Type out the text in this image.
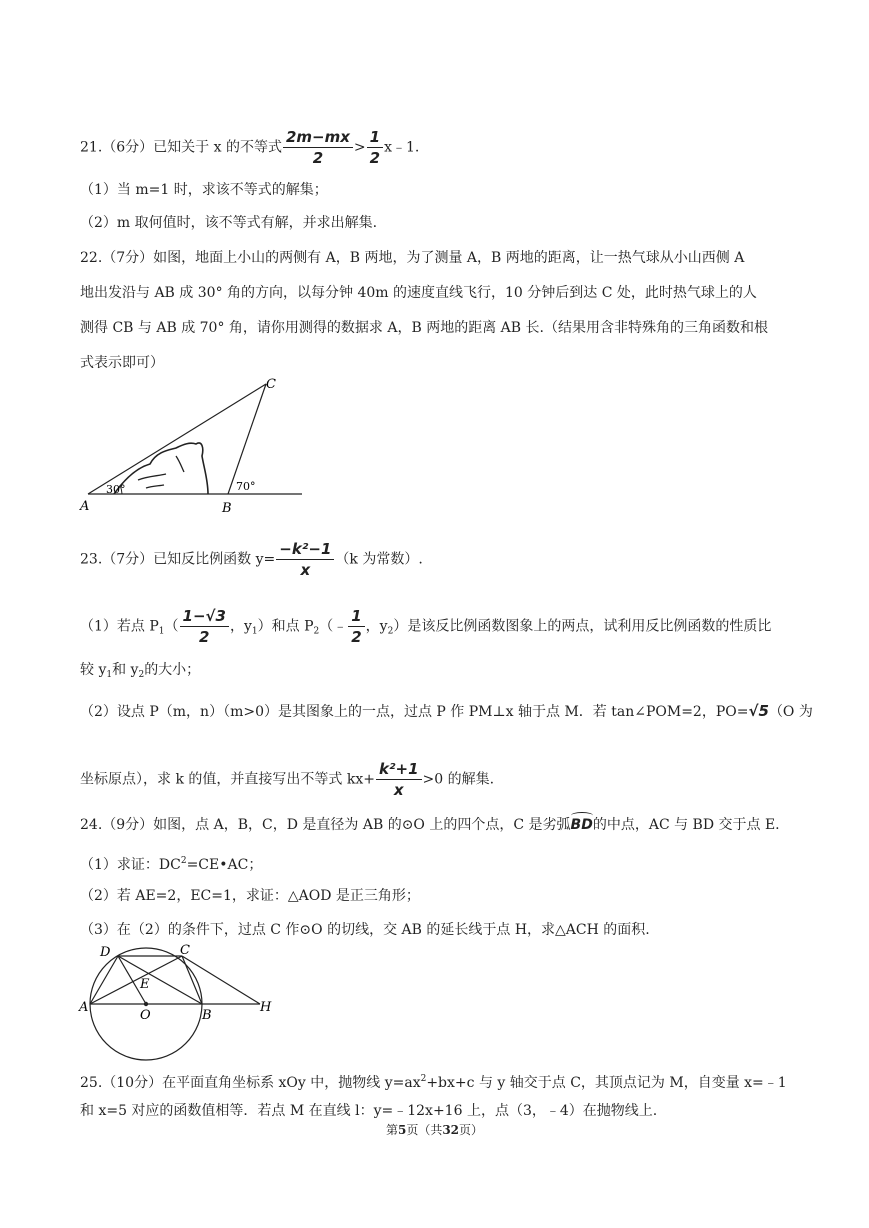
21.（6分）已知关于 x 的不等式 $\frac{2m-mx}{2} > \frac{1}{2}$ x﹣1.
（1）当 m=1 时，求该不等式的解集；
（2）m 取何值时，该不等式有解，并求出解集.
22.（7分）如图，地面上小山的两侧有 A，B 两地，为了测量 A，B 两地的距离，让一热气球从小山西侧 A
地出发沿与 AB 成 30° 角的方向，以每分钟 40m 的速度直线飞行，10 分钟后到达 C 处，此时热气球上的人
测得 CB 与 AB 成 70° 角，请你用测得的数据求 A，B 两地的距离 AB 长.（结果用含非特殊角的三角函数和根
式表示即可）
A	B
C
30°	70°
23.（7分）已知反比例函数 $y= \frac{\text{−k²−1}}{x} (k$ 为常数）.
（1）若点 $P_1( \frac{1-√3}{2}$ ，$y_1$）和点 $P_2(﹣ \frac{1}{2}$ ，$y_2$）是该反比例函数图象上的两点，试利用反比例函数的性质比
较 $y_1$和 $y_2$的大小；
（2）设点 P（m，n）（m>0）是其图象上的一点，过点 P 作 PM⊥x 轴于点 M．若 tan∠POM=2，PO=√5（O 为
坐标原点），求 k 的值，并直接写出不等式 $kx+ \frac{\text{k²+1}}{x} >0$ 的解集.
24.（9分）如图，点 A，B，C，D 是直径为 AB 的⊙O 上的四个点，C 是劣弧BD的中点，AC 与 BD 交于点 E.
（1）求证：$DC^2=CE•AC$；
（2）若 AE=2，EC=1，求证：△AOD 是正三角形；
（3）在（2）的条件下，过点 C 作⊙O 的切线，交 AB 的延长线于点 H，求△ACH 的面积.
A
B
C
D
E
O
H
25.（10分）在平面直角坐标系 xOy 中，抛物线 $y=ax^2+bx+c$ 与 y 轴交于点 C，其顶点记为 M，自变量 x=﹣1
和 x=5 对应的函数值相等．若点 M 在直线 l：y=﹣12x+16 上，点（3，﹣4）在抛物线上.
第5页（共32页）
